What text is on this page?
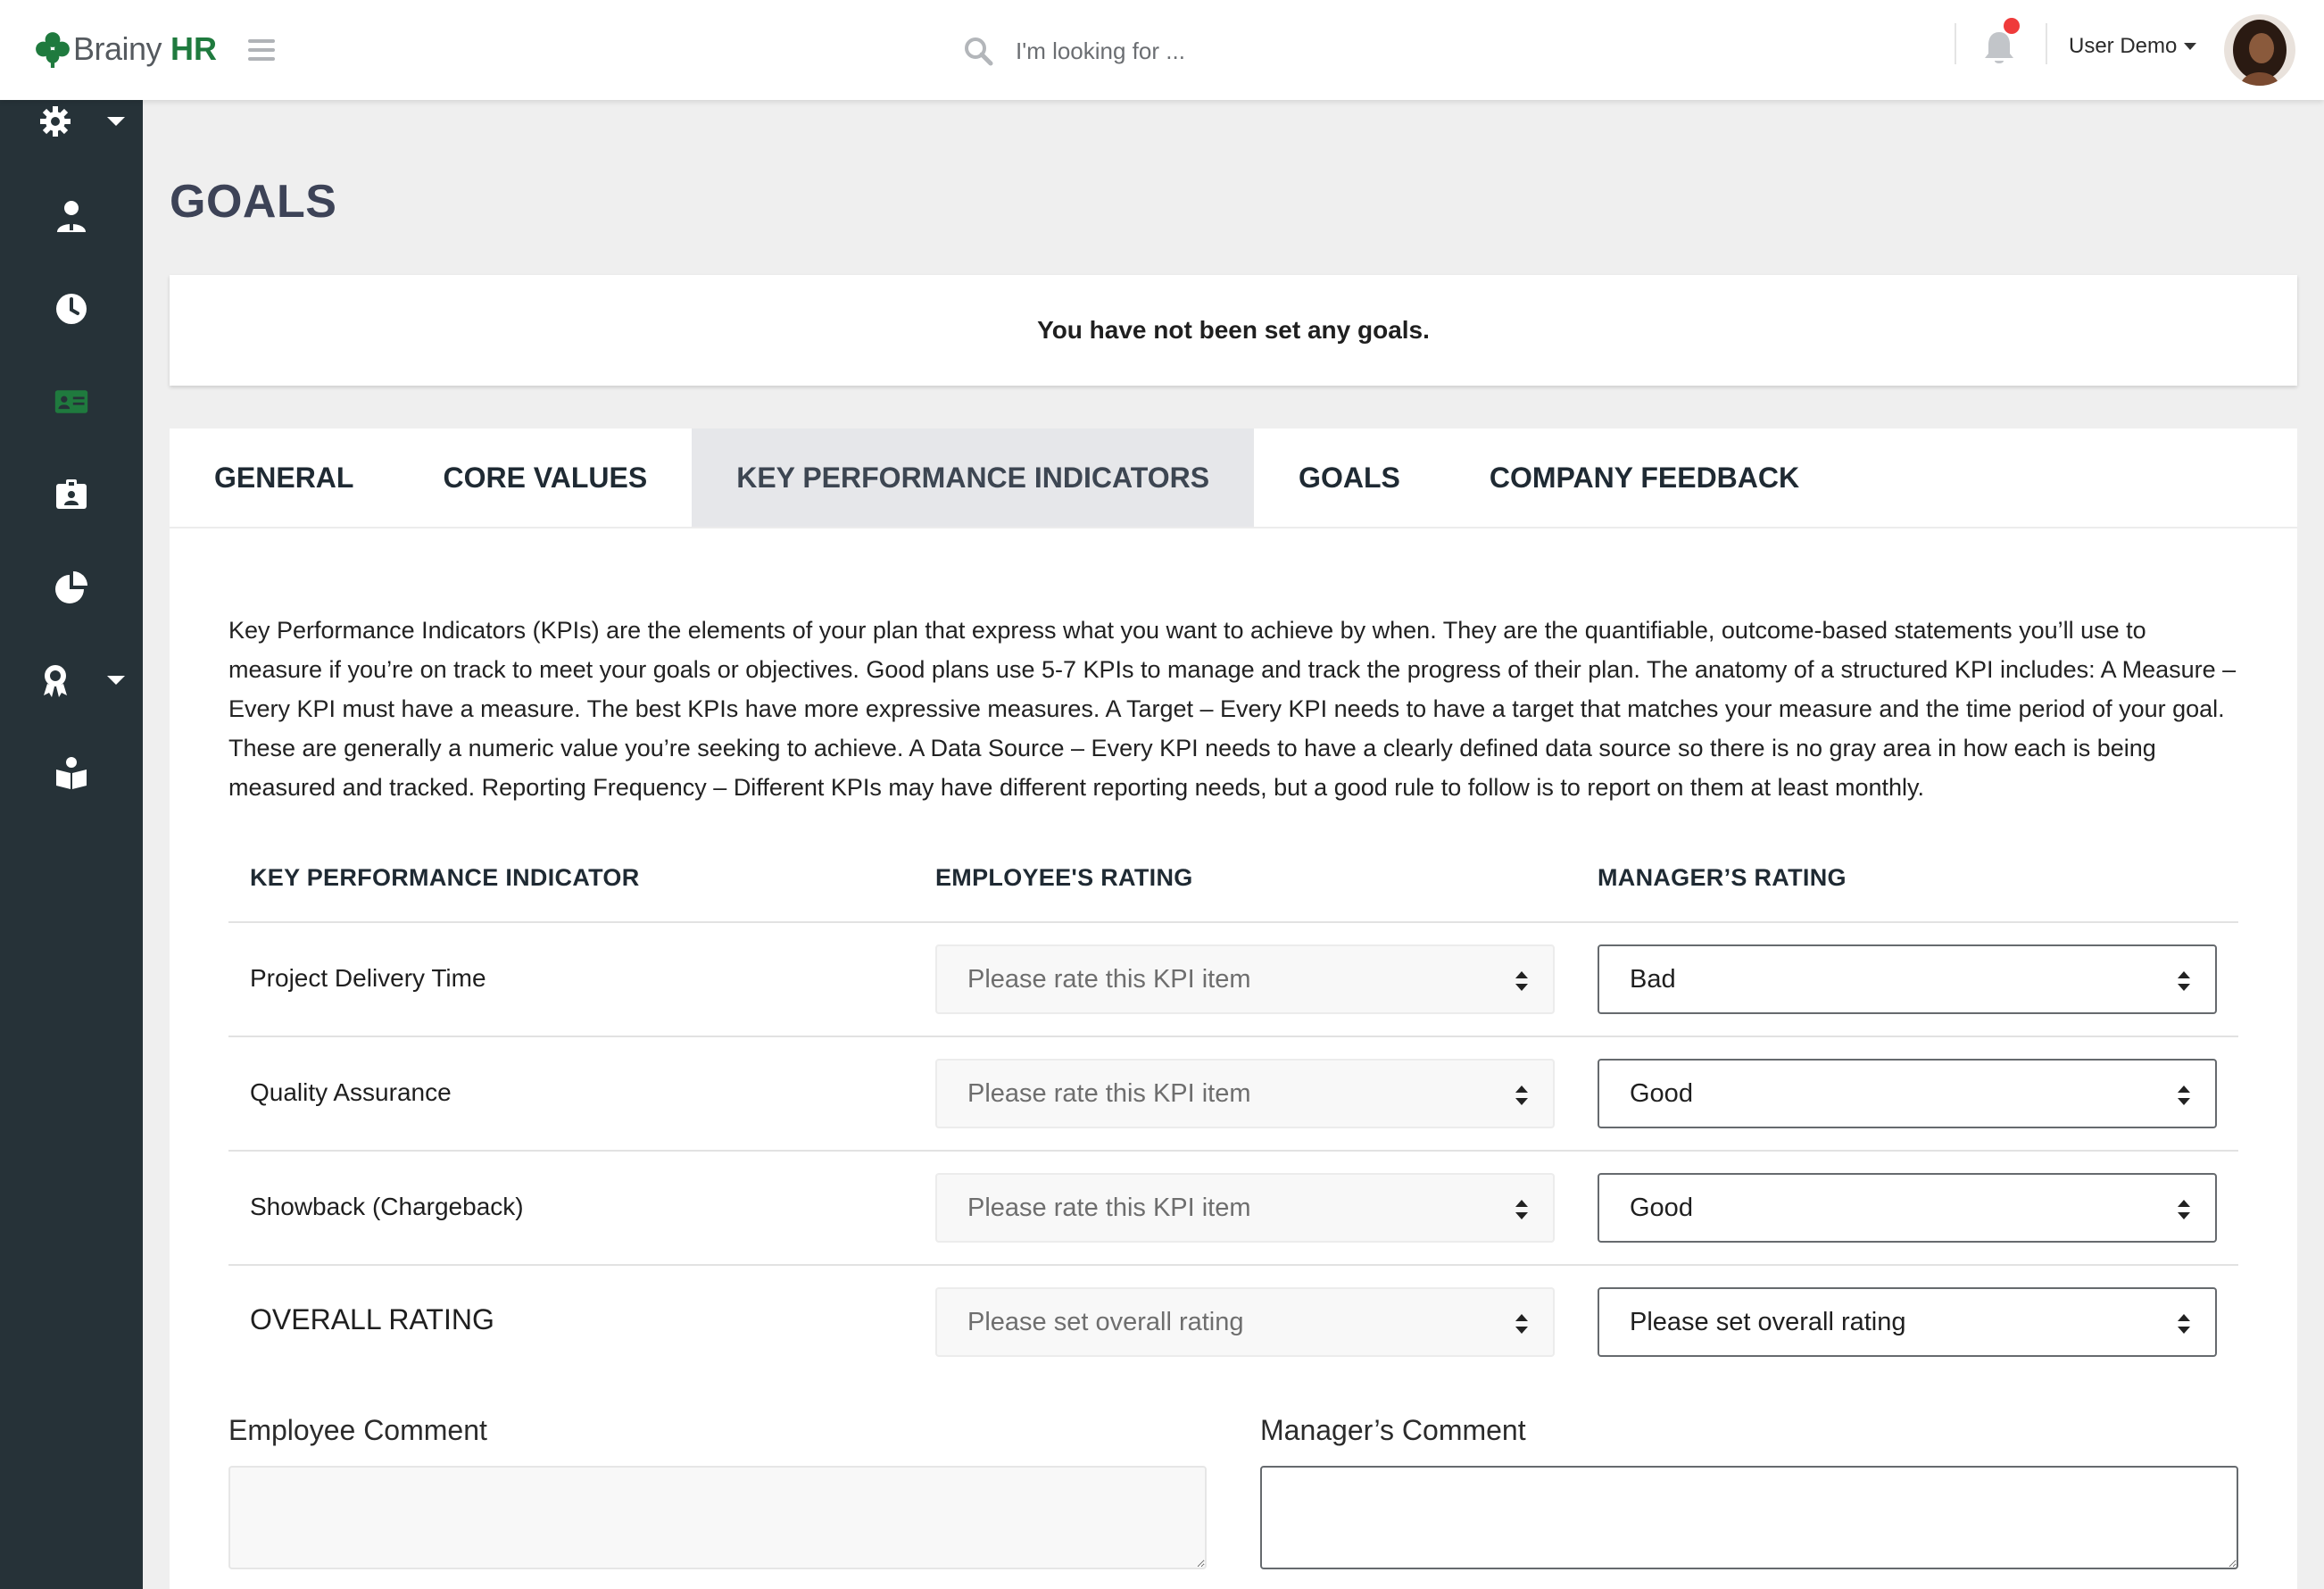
Brainy HR
I'm looking for ...	User Demo
GOALS
You have not been set any goals.
GENERAL	CORE VALUES	KEY PERFORMANCE INDICATORS	GOALS	COMPANY FEEDBACK

Key Performance Indicators (KPIs) are the elements of your plan that express what you want to achieve by when. They are the quantifiable, outcome-based statements you’ll use to measure if you’re on track to meet your goals or objectives. Good plans use 5-7 KPIs to manage and track the progress of their plan. The anatomy of a structured KPI includes: A Measure – Every KPI must have a measure. The best KPIs have more expressive measures. A Target – Every KPI needs to have a target that matches your measure and the time period of your goal. These are generally a numeric value you’re seeking to achieve. A Data Source – Every KPI needs to have a clearly defined data source so there is no gray area in how each is being measured and tracked. Reporting Frequency – Different KPIs may have different reporting needs, but a good rule to follow is to report on them at least monthly.

KEY PERFORMANCE INDICATOR	EMPLOYEE'S RATING	MANAGER’S RATING
Project Delivery Time	Please rate this KPI item	Bad
Quality Assurance	Please rate this KPI item	Good
Showback (Chargeback)	Please rate this KPI item	Good
OVERALL RATING	Please set overall rating	Please set overall rating
Employee Comment	Manager’s Comment
